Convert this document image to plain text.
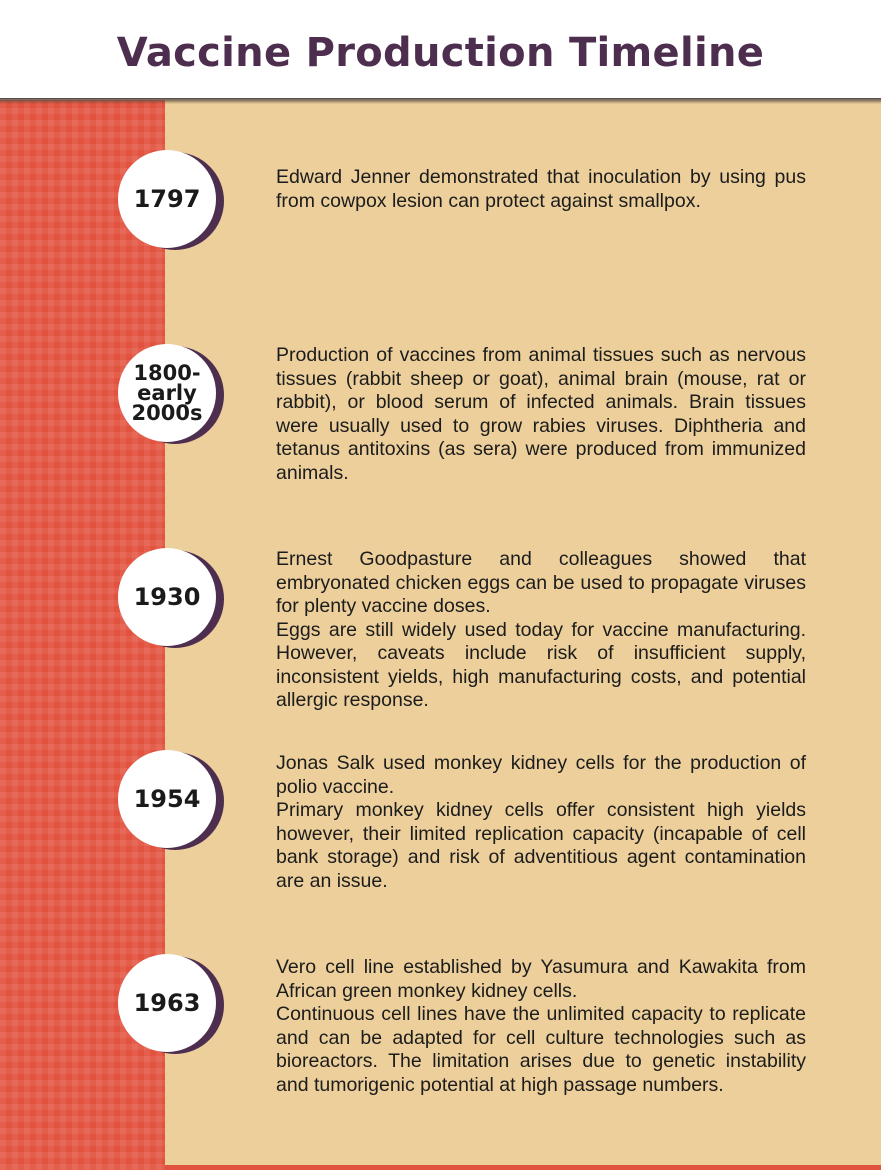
Vaccine Production Timeline
1797

Edward Jenner demonstrated that inoculation by using pus from cowpox lesion can protect against smallpox.

1800-
early
2000s

Production of vaccines from animal tissues such as nervous tissues (rabbit sheep or goat), animal brain (mouse, rat or rabbit), or blood serum of infected animals. Brain tissues were usually used to grow rabies viruses. Diphtheria and tetanus antitoxins (as sera) were produced from immunized animals.

1930

Ernest Goodpasture and colleagues showed that embryonated chicken eggs can be used to propagate viruses for plenty vaccine doses.

Eggs are still widely used today for vaccine manufacturing. However, caveats include risk of insufficient supply, inconsistent yields, high manufacturing costs, and potential allergic response.

1954

Jonas Salk used monkey kidney cells for the production of polio vaccine.

Primary monkey kidney cells offer consistent high yields however, their limited replication capacity (incapable of cell bank storage) and risk of adventitious agent contamination are an issue.

1963

Vero cell line established by Yasumura and Kawakita from African green monkey kidney cells.

Continuous cell lines have the unlimited capacity to replicate and can be adapted for cell culture technologies such as bioreactors. The limitation arises due to genetic instability and tumorigenic potential at high passage numbers.
